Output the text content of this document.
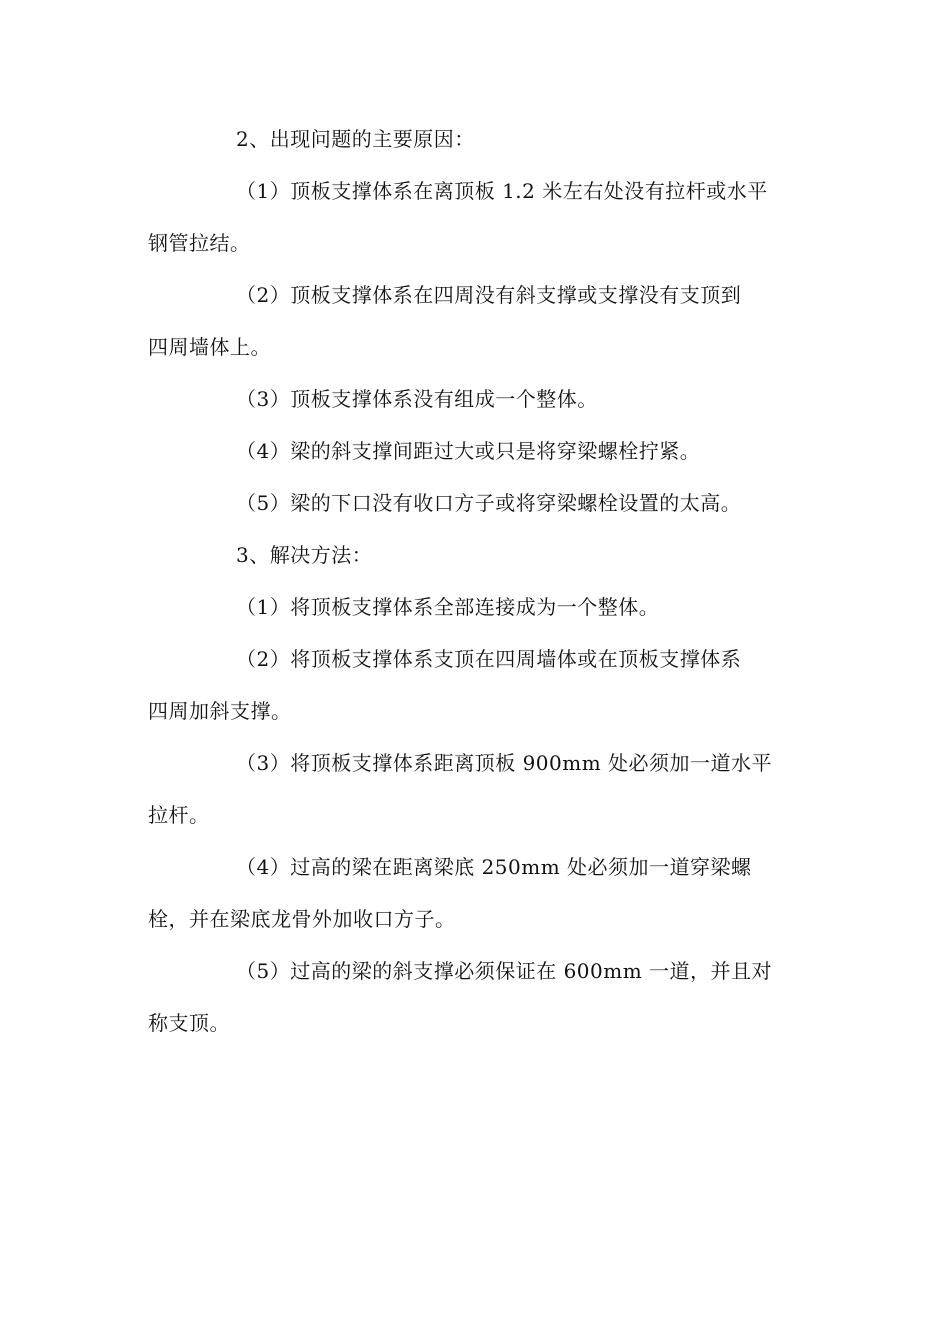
2、出现问题的主要原因：
（1）顶板支撑体系在离顶板 1.2 米左右处没有拉杆或水平
钢管拉结。
（2）顶板支撑体系在四周没有斜支撑或支撑没有支顶到
四周墙体上。
（3）顶板支撑体系没有组成一个整体。
（4）梁的斜支撑间距过大或只是将穿梁螺栓拧紧。
（5）梁的下口没有收口方子或将穿梁螺栓设置的太高。
3、解决方法：
（1）将顶板支撑体系全部连接成为一个整体。
（2）将顶板支撑体系支顶在四周墙体或在顶板支撑体系
四周加斜支撑。
（3）将顶板支撑体系距离顶板 900mm 处必须加一道水平
拉杆。
（4）过高的梁在距离梁底 250mm 处必须加一道穿梁螺
栓，并在梁底龙骨外加收口方子。
（5）过高的梁的斜支撑必须保证在 600mm 一道，并且对
称支顶。
